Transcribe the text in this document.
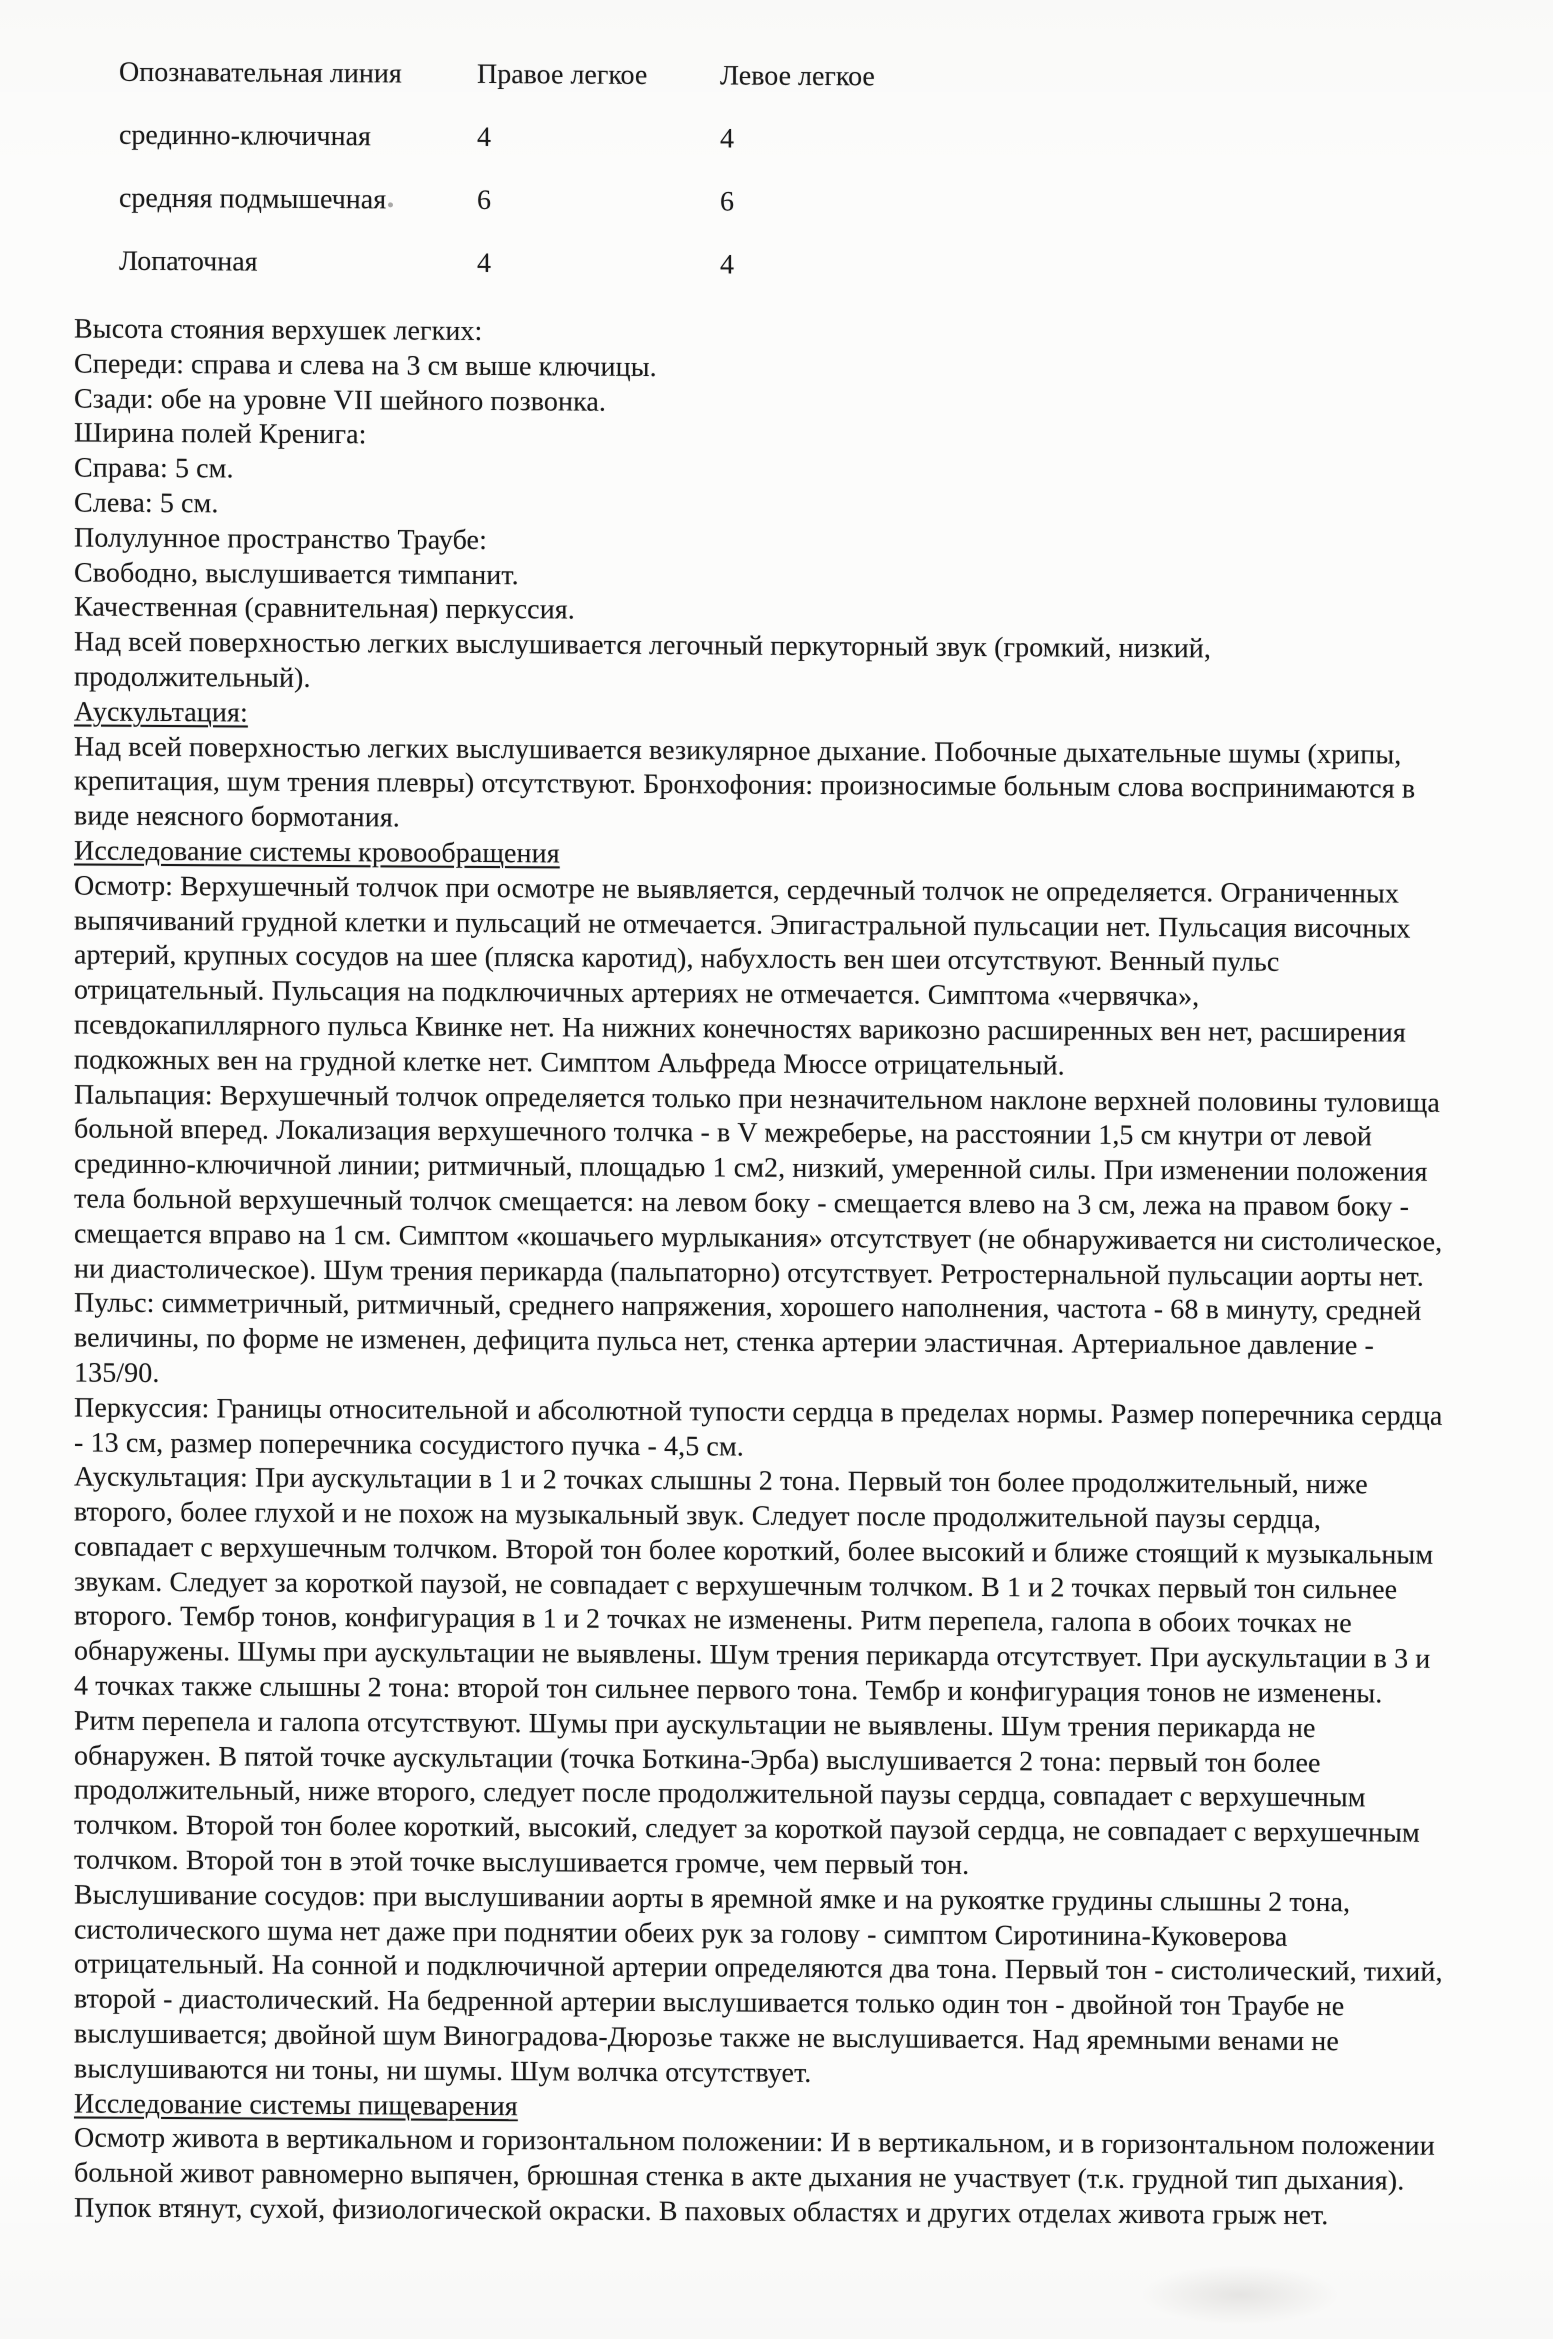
Опознавательная линия	Правое легкое	Левое легкое
срединно-ключичная	4	4
средняя подмышечная	6	6
Лопаточная	4	4
Высота стояния верхушек легких:
Спереди: справа и слева на 3 см выше ключицы.
Сзади: обе на уровне VII шейного позвонка.
Ширина полей Кренига:
Справа: 5 см.
Слева: 5 см.
Полулунное пространство Траубе:
Свободно, выслушивается тимпанит.
Качественная (сравнительная) перкуссия.
Над всей поверхностью легких выслушивается легочный перкуторный звук (громкий, низкий,
продолжительный).
Аускультация:
Над всей поверхностью легких выслушивается везикулярное дыхание. Побочные дыхательные шумы (хрипы,
крепитация, шум трения плевры) отсутствуют. Бронхофония: произносимые больным слова воспринимаются в
виде неясного бормотания.
Исследование системы кровообращения
Осмотр: Верхушечный толчок при осмотре не выявляется, сердечный толчок не определяется. Ограниченных
выпячиваний грудной клетки и пульсаций не отмечается. Эпигастральной пульсации нет. Пульсация височных
артерий, крупных сосудов на шее (пляска каротид), набухлость вен шеи отсутствуют. Венный пульс
отрицательный. Пульсация на подключичных артериях не отмечается. Симптома «червячка»,
псевдокапиллярного пульса Квинке нет. На нижних конечностях варикозно расширенных вен нет, расширения
подкожных вен на грудной клетке нет. Симптом Альфреда Мюссе отрицательный.
Пальпация: Верхушечный толчок определяется только при незначительном наклоне верхней половины туловища
больной вперед. Локализация верхушечного толчка - в V межреберье, на расстоянии 1,5 см кнутри от левой
срединно-ключичной линии; ритмичный, площадью 1 см2, низкий, умеренной силы. При изменении положения
тела больной верхушечный толчок смещается: на левом боку - смещается влево на 3 см, лежа на правом боку -
смещается вправо на 1 см. Симптом «кошачьего мурлыкания» отсутствует (не обнаруживается ни систолическое,
ни диастолическое). Шум трения перикарда (пальпаторно) отсутствует. Ретростернальной пульсации аорты нет.
Пульс: симметричный, ритмичный, среднего напряжения, хорошего наполнения, частота - 68 в минуту, средней
величины, по форме не изменен, дефицита пульса нет, стенка артерии эластичная. Артериальное давление -
135/90.
Перкуссия: Границы относительной и абсолютной тупости сердца в пределах нормы. Размер поперечника сердца
- 13 см, размер поперечника сосудистого пучка - 4,5 см.
Аускультация: При аускультации в 1 и 2 точках слышны 2 тона. Первый тон более продолжительный, ниже
второго, более глухой и не похож на музыкальный звук. Следует после продолжительной паузы сердца,
совпадает с верхушечным толчком. Второй тон более короткий, более высокий и ближе стоящий к музыкальным
звукам. Следует за короткой паузой, не совпадает с верхушечным толчком. В 1 и 2 точках первый тон сильнее
второго. Тембр тонов, конфигурация в 1 и 2 точках не изменены. Ритм перепела, галопа в обоих точках не
обнаружены. Шумы при аускультации не выявлены. Шум трения перикарда отсутствует. При аускультации в 3 и
4 точках также слышны 2 тона: второй тон сильнее первого тона. Тембр и конфигурация тонов не изменены.
Ритм перепела и галопа отсутствуют. Шумы при аускультации не выявлены. Шум трения перикарда не
обнаружен. В пятой точке аускультации (точка Боткина-Эрба) выслушивается 2 тона: первый тон более
продолжительный, ниже второго, следует после продолжительной паузы сердца, совпадает с верхушечным
толчком. Второй тон более короткий, высокий, следует за короткой паузой сердца, не совпадает с верхушечным
толчком. Второй тон в этой точке выслушивается громче, чем первый тон.
Выслушивание сосудов: при выслушивании аорты в яремной ямке и на рукоятке грудины слышны 2 тона,
систолического шума нет даже при поднятии обеих рук за голову - симптом Сиротинина-Куковерова
отрицательный. На сонной и подключичной артерии определяются два тона. Первый тон - систолический, тихий,
второй - диастолический. На бедренной артерии выслушивается только один тон - двойной тон Траубе не
выслушивается; двойной шум Виноградова-Дюрозье также не выслушивается. Над яремными венами не
выслушиваются ни тоны, ни шумы. Шум волчка отсутствует.
Исследование системы пищеварения
Осмотр живота в вертикальном и горизонтальном положении: И в вертикальном, и в горизонтальном положении
больной живот равномерно выпячен, брюшная стенка в акте дыхания не участвует (т.к. грудной тип дыхания).
Пупок втянут, сухой, физиологической окраски. В паховых областях и других отделах живота грыж нет.
